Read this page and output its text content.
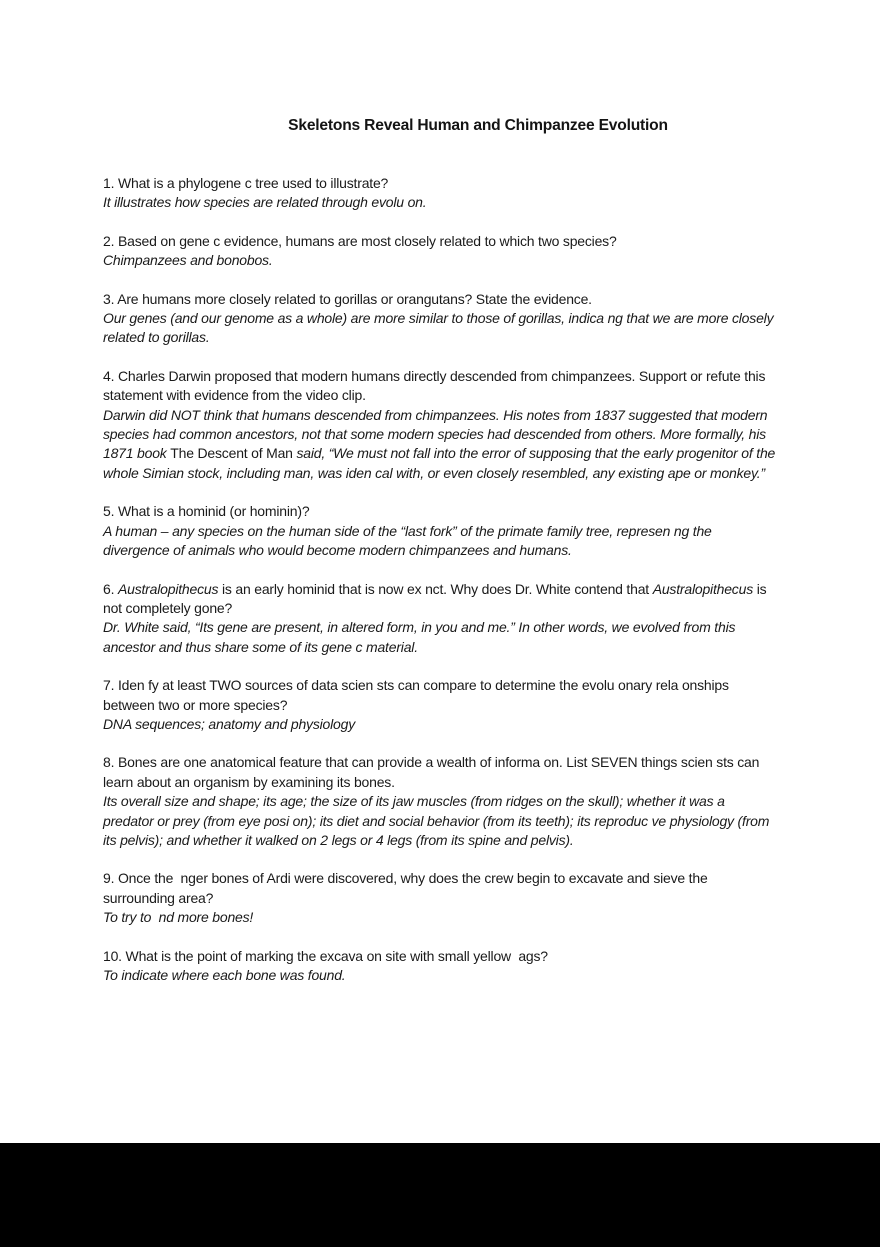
Skeletons Reveal Human and Chimpanzee Evolution

1. What is a phylogene c tree used to illustrate?

It illustrates how species are related through evolu on.

2. Based on gene c evidence, humans are most closely related to which two species?

Chimpanzees and bonobos.

3. Are humans more closely related to gorillas or orangutans? State the evidence.

Our genes (and our genome as a whole) are more similar to those of gorillas, indica ng that we are more closely related to gorillas.

4. Charles Darwin proposed that modern humans directly descended from chimpanzees. Support or refute this statement with evidence from the video clip.

Darwin did NOT think that humans descended from chimpanzees. His notes from 1837 suggested that modern species had common ancestors, not that some modern species had descended from others. More formally, his 1871 book The Descent of Man said, “We must not fall into the error of supposing that the early progenitor of the whole Simian stock, including man, was iden cal with, or even closely resembled, any existing ape or monkey.”

5. What is a hominid (or hominin)?

A human – any species on the human side of the “last fork” of the primate family tree, represen ng the divergence of animals who would become modern chimpanzees and humans.

6. Australopithecus is an early hominid that is now ex nct. Why does Dr. White contend that Australopithecus is not completely gone?

Dr. White said, “Its gene are present, in altered form, in you and me.” In other words, we evolved from this ancestor and thus share some of its gene c material.

7. Iden fy at least TWO sources of data scien sts can compare to determine the evolu onary rela onships between two or more species?

DNA sequences; anatomy and physiology

8. Bones are one anatomical feature that can provide a wealth of informa on. List SEVEN things scien sts can learn about an organism by examining its bones.

Its overall size and shape; its age; the size of its jaw muscles (from ridges on the skull); whether it was a predator or prey (from eye posi on); its diet and social behavior (from its teeth); its reproduc ve physiology (from its pelvis); and whether it walked on 2 legs or 4 legs (from its spine and pelvis).

9. Once the  nger bones of Ardi were discovered, why does the crew begin to excavate and sieve the surrounding area?

To try to  nd more bones!

10. What is the point of marking the excava on site with small yellow  ags?

To indicate where each bone was found.
